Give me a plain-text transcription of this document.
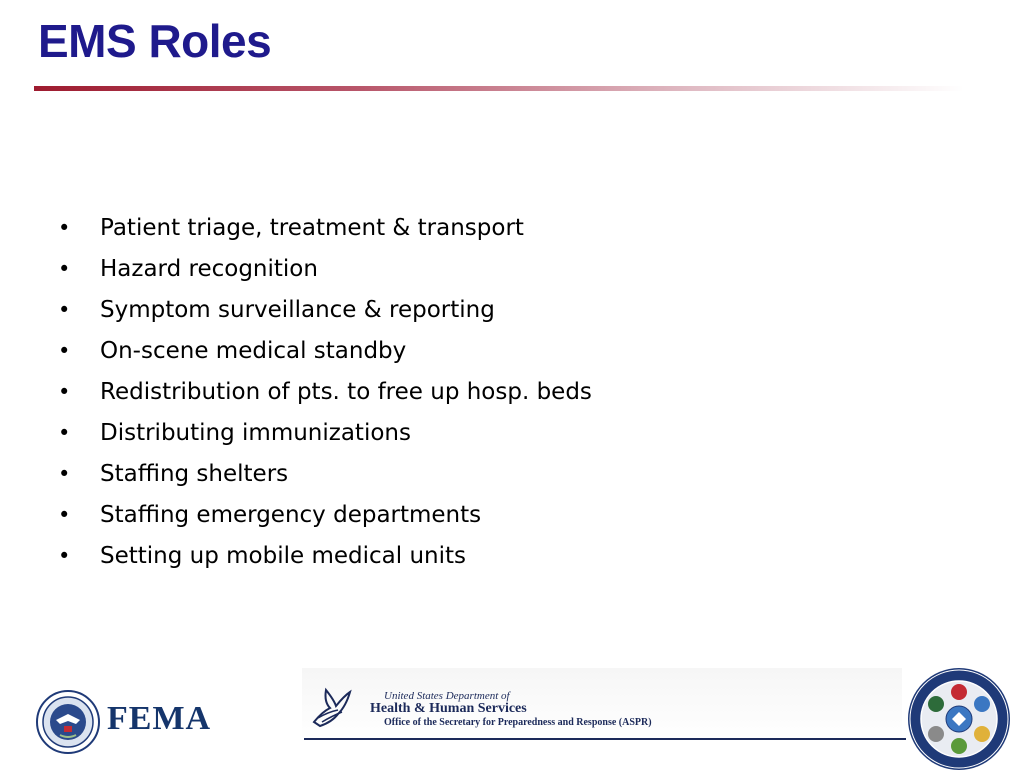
EMS Roles
•	Patient triage, treatment & transport
•	Hazard recognition
•	Symptom surveillance & reporting
•	On-scene medical standby
•	Redistribution of pts. to free up hosp. beds
•	Distributing immunizations
•	Staffing shelters
•	Staffing emergency departments
•	Setting up mobile medical units
FEMA
United States Department of
Health & Human Services
Office of the Secretary for Preparedness and Response (ASPR)
